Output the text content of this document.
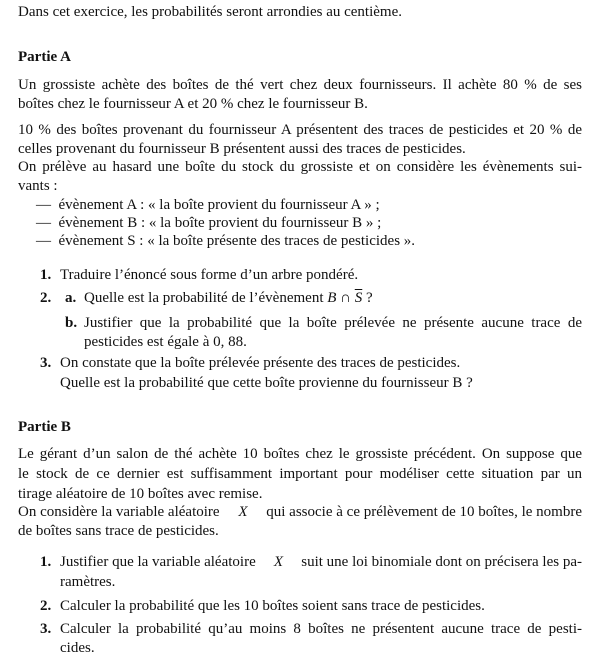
Dans cet exercice, les probabilités seront arrondies au centième.
Partie A
Un grossiste achète des boîtes de thé vert chez deux fournisseurs. Il achète 80 % de ses
boîtes chez le fournisseur A et 20 % chez le fournisseur B.
10 % des boîtes provenant du fournisseur A présentent des traces de pesticides et 20 % de
celles provenant du fournisseur B présentent aussi des traces de pesticides.
On prélève au hasard une boîte du stock du grossiste et on considère les évènements sui-
vants :
— évènement A : « la boîte provient du fournisseur A » ;
— évènement B : « la boîte provient du fournisseur B » ;
— évènement S : « la boîte présente des traces de pesticides ».
1. Traduire l’énoncé sous forme d’un arbre pondéré.
2. a. Quelle est la probabilité de l’évènement B ∩ $\overline{S}$ ?
b. Justifier que la probabilité que la boîte prélevée ne présente aucune trace de
pesticides est égale à 0, 88.
3. On constate que la boîte prélevée présente des traces de pesticides.
Quelle est la probabilité que cette boîte provienne du fournisseur B ?
Partie B
Le gérant d’un salon de thé achète 10 boîtes chez le grossiste précédent. On suppose que
le stock de ce dernier est suffisamment important pour modéliser cette situation par un
tirage aléatoire de 10 boîtes avec remise.
On considère la variable aléatoire X qui associe à ce prélèvement de 10 boîtes, le nombre
de boîtes sans trace de pesticides.
1. Justifier que la variable aléatoire X suit une loi binomiale dont on précisera les pa-
ramètres.
2. Calculer la probabilité que les 10 boîtes soient sans trace de pesticides.
3. Calculer la probabilité qu’au moins 8 boîtes ne présentent aucune trace de pesti-
cides.
